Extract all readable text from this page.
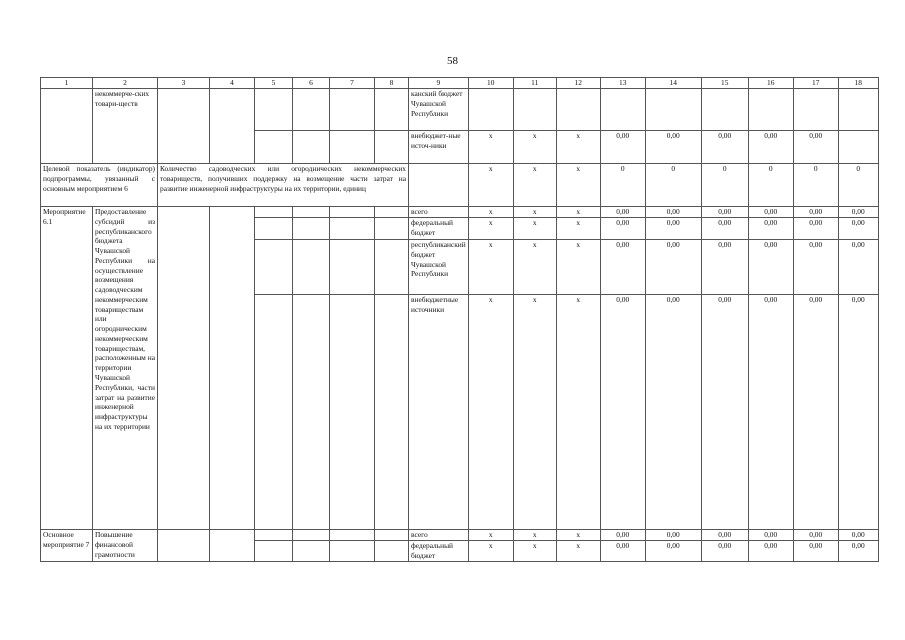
58
1	2	3	4	5	6	7	8	9	10	11	12	13	14	15	16	17	18
	некоммерче-ских товари-ществ							канский бюджет Чувашской Республики									
								внебюджет-ные источ-ники	x	x	x	0,00	0,00	0,00	0,00	0,00	
Целевой показатель (индикатор) подпрограммы, увязанный с основным мероприятием 6		Количество садоводческих или огороднических некоммерческих товариществ, получивших поддержку на возмещение части затрат на развитие инженерной инфраструктуры на их территории, единиц							x	x	x	0	0	0	0	0	0
Мероприятие 6.1	Предоставление субсидий из республиканского бюджета Чувашской Республики на осуществление возмещения садоводческим некоммерческим товариществам или огородническим некоммерческим товариществам, расположенным на территории Чувашской Республики, части затрат на развитие инженерной инфраструктуры на их территории							всего	x	x	x	0,00	0,00	0,00	0,00	0,00	0,00
								федеральный бюджет	x	x	x	0,00	0,00	0,00	0,00	0,00	0,00
								республиканский бюджет Чувашской Республики	x	x	x	0,00	0,00	0,00	0,00	0,00	0,00
								внебюджетные источники	x	x	x	0,00	0,00	0,00	0,00	0,00	0,00
Основное мероприятие 7	Повышение финансовой грамотности							всего	x	x	x	0,00	0,00	0,00	0,00	0,00	0,00
								федеральный бюджет	x	x	x	0,00	0,00	0,00	0,00	0,00	0,00
